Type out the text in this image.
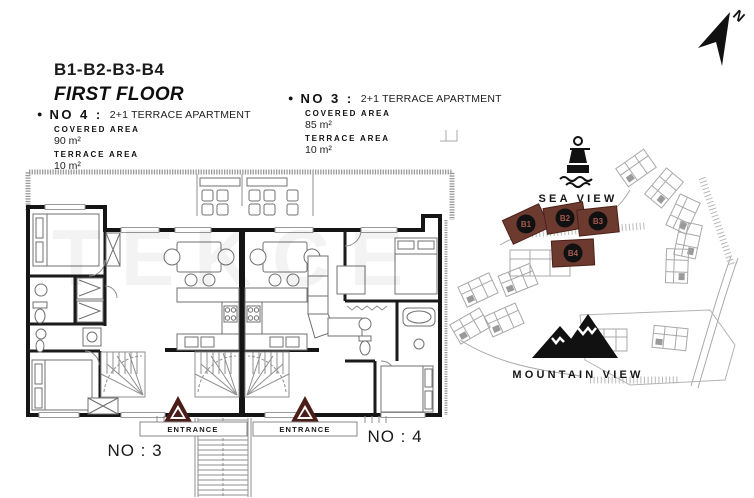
B1-B2-B3-B4
FIRST FLOOR
● NO 4 : 2+1 TERRACE APARTMENT
COVERED AREA
90 m²
TERRACE AREA
10 m²
● NO 3 : 2+1 TERRACE APARTMENT
COVERED AREA
85 m²
TERRACE AREA
10 m²
N
ENTRANCE	ENTRANCE
NO : 3
NO : 4
B1
B2	B3
B4
SEA VIEW
MOUNTAIN VIEW
